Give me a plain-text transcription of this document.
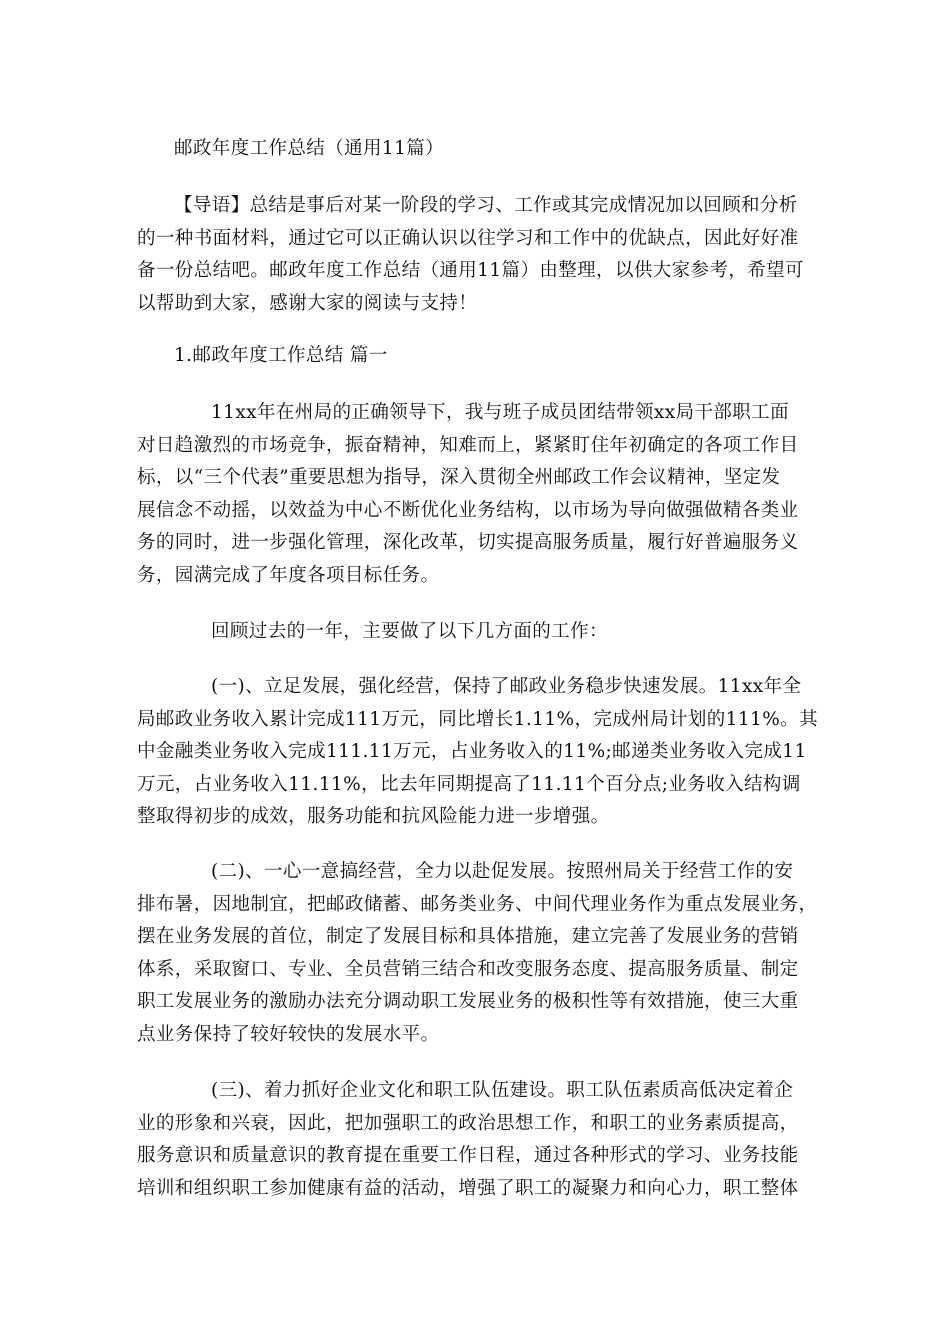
邮政年度工作总结（通用11篇）
【导语】总结是事后对某一阶段的学习、工作或其完成情况加以回顾和分析
的一种书面材料，通过它可以正确认识以往学习和工作中的优缺点，因此好好准
备一份总结吧。邮政年度工作总结（通用11篇）由整理，以供大家参考，希望可
以帮助到大家，感谢大家的阅读与支持！
1.邮政年度工作总结 篇一
11xx年在州局的正确领导下，我与班子成员团结带领xx局干部职工面
对日趋激烈的市场竞争，振奋精神，知难而上，紧紧盯住年初确定的各项工作目
标，以“三个代表”重要思想为指导，深入贯彻全州邮政工作会议精神，坚定发
展信念不动摇，以效益为中心不断优化业务结构，以市场为导向做强做精各类业
务的同时，进一步强化管理，深化改革，切实提高服务质量，履行好普遍服务义
务，园满完成了年度各项目标任务。
回顾过去的一年，主要做了以下几方面的工作：
(一)、立足发展，强化经营，保持了邮政业务稳步快速发展。11xx年全
局邮政业务收入累计完成111万元，同比增长1.11%，完成州局计划的111%。其
中金融类业务收入完成111.11万元，占业务收入的11%;邮递类业务收入完成11
万元，占业务收入11.11%，比去年同期提高了11.11个百分点;业务收入结构调
整取得初步的成效，服务功能和抗风险能力进一步增强。
(二)、一心一意搞经营，全力以赴促发展。按照州局关于经营工作的安
排布暑，因地制宜，把邮政储蓄、邮务类业务、中间代理业务作为重点发展业务，
摆在业务发展的首位，制定了发展目标和具体措施，建立完善了发展业务的营销
体系，采取窗口、专业、全员营销三结合和改变服务态度、提高服务质量、制定
职工发展业务的激励办法充分调动职工发展业务的极积性等有效措施，使三大重
点业务保持了较好较快的发展水平。
(三)、着力抓好企业文化和职工队伍建设。职工队伍素质高低决定着企
业的形象和兴衰，因此，把加强职工的政治思想工作，和职工的业务素质提高，
服务意识和质量意识的教育提在重要工作日程，通过各种形式的学习、业务技能
培训和组织职工参加健康有益的活动，增强了职工的凝聚力和向心力，职工整体
